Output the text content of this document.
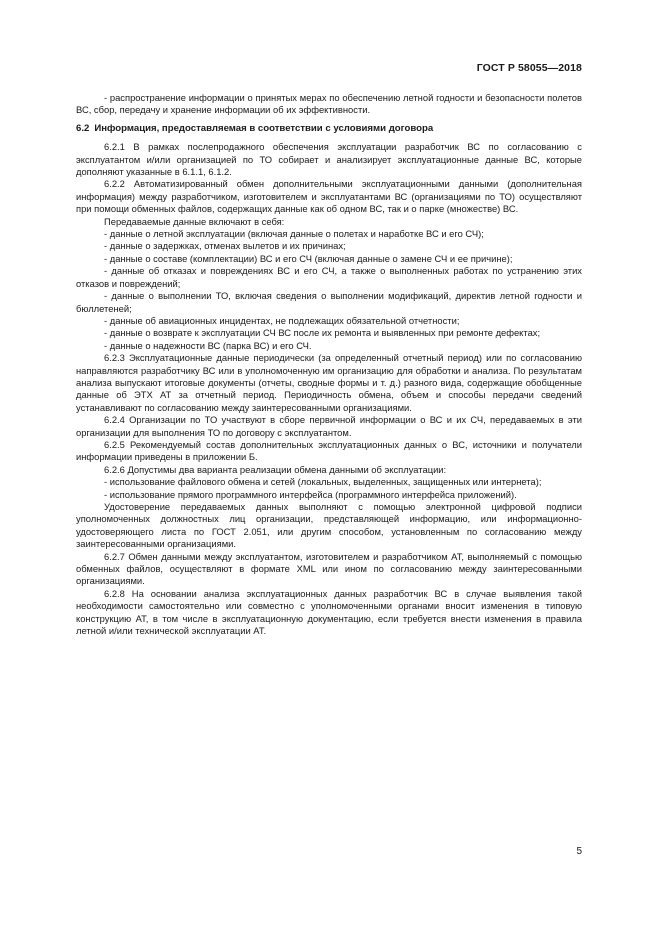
ГОСТ Р 58055—2018

- распространение информации о принятых мерах по обеспечению летной годности и безопасности полетов ВС, сбор, передачу и хранение информации об их эффективности.

6.2 Информация, предоставляемая в соответствии с условиями договора

6.2.1 В рамках послепродажного обеспечения эксплуатации разработчик ВС по согласованию с эксплуатантом и/или организацией по ТО собирает и анализирует эксплуатационные данные ВС, которые дополняют указанные в 6.1.1, 6.1.2.

6.2.2 Автоматизированный обмен дополнительными эксплуатационными данными (дополнительная информация) между разработчиком, изготовителем и эксплуатантами ВС (организациями по ТО) осуществляют при помощи обменных файлов, содержащих данные как об одном ВС, так и о парке (множестве) ВС.

Передаваемые данные включают в себя:

- данные о летной эксплуатации (включая данные о полетах и наработке ВС и его СЧ);

- данные о задержках, отменах вылетов и их причинах;

- данные о составе (комплектации) ВС и его СЧ (включая данные о замене СЧ и ее причине);

- данные об отказах и повреждениях ВС и его СЧ, а также о выполненных работах по устранению этих отказов и повреждений;

- данные о выполнении ТО, включая сведения о выполнении модификаций, директив летной годности и бюллетеней;

- данные об авиационных инцидентах, не подлежащих обязательной отчетности;

- данные о возврате к эксплуатации СЧ ВС после их ремонта и выявленных при ремонте дефектах;

- данные о надежности ВС (парка ВС) и его СЧ.

6.2.3 Эксплуатационные данные периодически (за определенный отчетный период) или по согласованию направляются разработчику ВС или в уполномоченную им организацию для обработки и анализа. По результатам анализа выпускают итоговые документы (отчеты, сводные формы и т. д.) разного вида, содержащие обобщенные данные об ЭТХ АТ за отчетный период. Периодичность обмена, объем и способы передачи сведений устанавливают по согласованию между заинтересованными организациями.

6.2.4 Организации по ТО участвуют в сборе первичной информации о ВС и их СЧ, передаваемых в эти организации для выполнения ТО по договору с эксплуатантом.

6.2.5 Рекомендуемый состав дополнительных эксплуатационных данных о ВС, источники и получатели информации приведены в приложении Б.

6.2.6 Допустимы два варианта реализации обмена данными об эксплуатации:

- использование файлового обмена и сетей (локальных, выделенных, защищенных или интернета);

- использование прямого программного интерфейса (программного интерфейса приложений).

Удостоверение передаваемых данных выполняют с помощью электронной цифровой подписи уполномоченных должностных лиц организации, представляющей информацию, или информационно-удостоверяющего листа по ГОСТ 2.051, или другим способом, установленным по согласованию между заинтересованными организациями.

6.2.7 Обмен данными между эксплуатантом, изготовителем и разработчиком АТ, выполняемый с помощью обменных файлов, осуществляют в формате XML или ином по согласованию между заинтересованными организациями.

6.2.8 На основании анализа эксплуатационных данных разработчик ВС в случае выявления такой необходимости самостоятельно или совместно с уполномоченными органами вносит изменения в типовую конструкцию АТ, в том числе в эксплуатационную документацию, если требуется внести изменения в правила летной и/или технической эксплуатации АТ.

5
